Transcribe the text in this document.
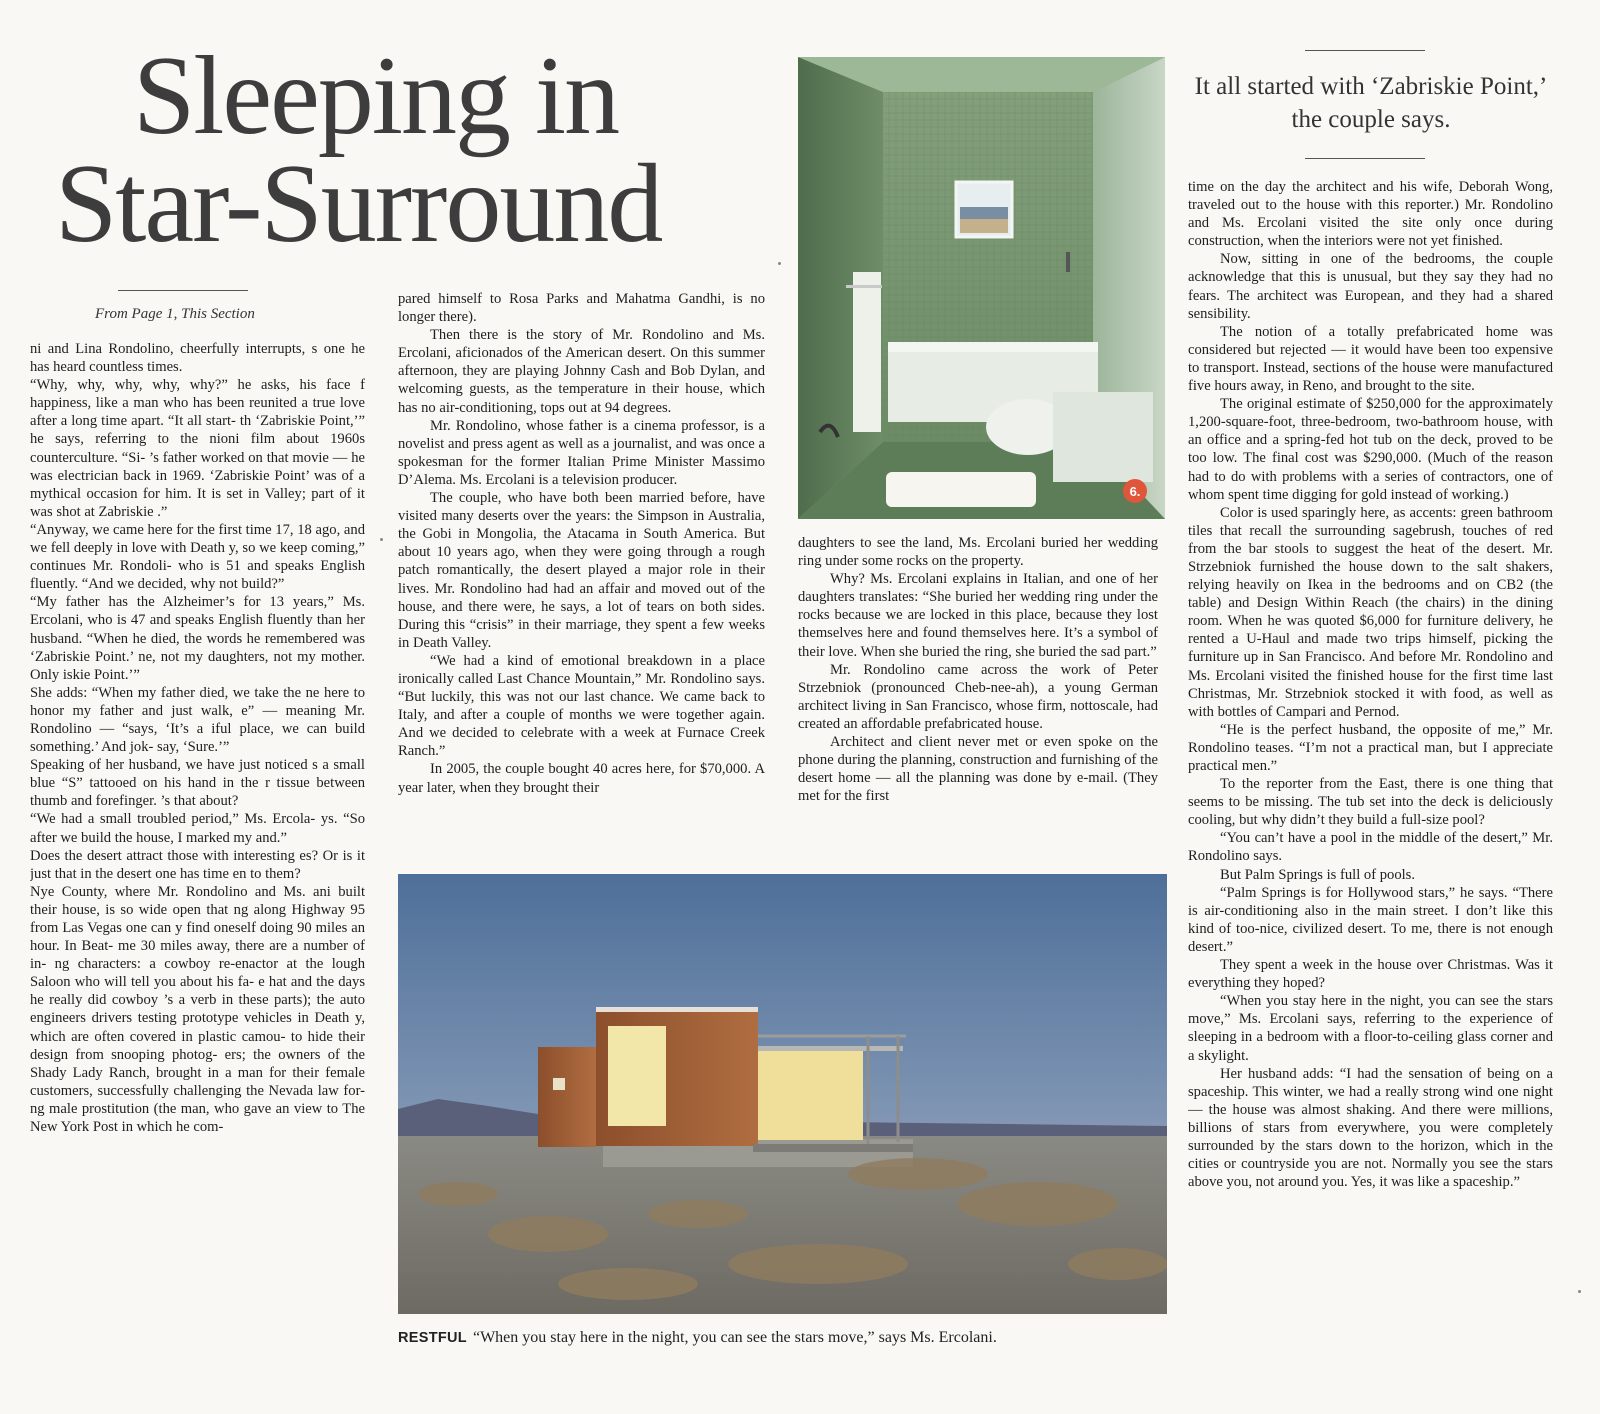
Sleeping in
Star-Surround
From Page 1, This Section

ni and Lina Rondolino, cheerfully interrupts, s one he has heard countless times.

“Why, why, why, why, why?” he asks, his face f happiness, like a man who has been reunited a true love after a long time apart. “It all start- th ‘Zabriskie Point,’” he says, referring to the nioni film about 1960s counterculture. “Si- ’s father worked on that movie — he was electrician back in 1969. ‘Zabriskie Point’ was of a mythical occasion for him. It is set in Valley; part of it was shot at Zabriskie .”

“Anyway, we came here for the first time 17, 18 ago, and we fell deeply in love with Death y, so we keep coming,” continues Mr. Rondoli- who is 51 and speaks English fluently. “And we decided, why not build?”

“My father has the Alzheimer’s for 13 years,” Ms. Ercolani, who is 47 and speaks English fluently than her husband. “When he died, the words he remembered was ‘Zabriskie Point.’ ne, not my daughters, not my mother. Only iskie Point.’”

She adds: “When my father died, we take the ne here to honor my father and just walk, e” — meaning Mr. Rondolino — “says, ‘It’s a iful place, we can build something.’ And jok- say, ‘Sure.’”

Speaking of her husband, we have just noticed s a small blue “S” tattooed on his hand in the r tissue between thumb and forefinger. ’s that about?

“We had a small troubled period,” Ms. Ercola- ys. “So after we build the house, I marked my and.”

Does the desert attract those with interesting es? Or is it just that in the desert one has time en to them?

Nye County, where Mr. Rondolino and Ms. ani built their house, is so wide open that ng along Highway 95 from Las Vegas one can y find oneself doing 90 miles an hour. In Beat- me 30 miles away, there are a number of in- ng characters: a cowboy re-enactor at the lough Saloon who will tell you about his fa- e hat and the days he really did cowboy ’s a verb in these parts); the auto engineers drivers testing prototype vehicles in Death y, which are often covered in plastic camou- to hide their design from snooping photog- ers; the owners of the Shady Lady Ranch, brought in a man for their female customers, successfully challenging the Nevada law for- ng male prostitution (the man, who gave an view to The New York Post in which he com-

pared himself to Rosa Parks and Mahatma Gandhi, is no longer there).

Then there is the story of Mr. Rondolino and Ms. Ercolani, aficionados of the American desert. On this summer afternoon, they are playing Johnny Cash and Bob Dylan, and welcoming guests, as the temperature in their house, which has no air-conditioning, tops out at 94 degrees.

Mr. Rondolino, whose father is a cinema professor, is a novelist and press agent as well as a journalist, and was once a spokesman for the former Italian Prime Minister Massimo D’Alema. Ms. Ercolani is a television producer.

The couple, who have both been married before, have visited many deserts over the years: the Simpson in Australia, the Gobi in Mongolia, the Atacama in South America. But about 10 years ago, when they were going through a rough patch romantically, the desert played a major role in their lives. Mr. Rondolino had had an affair and moved out of the house, and there were, he says, a lot of tears on both sides. During this “crisis” in their marriage, they spent a few weeks in Death Valley.

“We had a kind of emotional breakdown in a place ironically called Last Chance Mountain,” Mr. Rondolino says. “But luckily, this was not our last chance. We came back to Italy, and after a couple of months we were together again. And we decided to celebrate with a week at Furnace Creek Ranch.”

In 2005, the couple bought 40 acres here, for $70,000. A year later, when they brought their

daughters to see the land, Ms. Ercolani buried her wedding ring under some rocks on the property.

Why? Ms. Ercolani explains in Italian, and one of her daughters translates: “She buried her wedding ring under the rocks because we are locked in this place, because they lost themselves here and found themselves here. It’s a symbol of their love. When she buried the ring, she buried the sad part.”

Mr. Rondolino came across the work of Peter Strzebniok (pronounced Cheb-nee-ah), a young German architect living in San Francisco, whose firm, nottoscale, had created an affordable prefabricated house.

Architect and client never met or even spoke on the phone during the planning, construction and furnishing of the desert home — all the planning was done by e-mail. (They met for the first

time on the day the architect and his wife, Deborah Wong, traveled out to the house with this reporter.) Mr. Rondolino and Ms. Ercolani visited the site only once during construction, when the interiors were not yet finished.

Now, sitting in one of the bedrooms, the couple acknowledge that this is unusual, but they say they had no fears. The architect was European, and they had a shared sensibility.

The notion of a totally prefabricated home was considered but rejected — it would have been too expensive to transport. Instead, sections of the house were manufactured five hours away, in Reno, and brought to the site.

The original estimate of $250,000 for the approximately 1,200-square-foot, three-bedroom, two-bathroom house, with an office and a spring-fed hot tub on the deck, proved to be too low. The final cost was $290,000. (Much of the reason had to do with problems with a series of contractors, one of whom spent time digging for gold instead of working.)

Color is used sparingly here, as accents: green bathroom tiles that recall the surrounding sagebrush, touches of red from the bar stools to suggest the heat of the desert. Mr. Strzebniok furnished the house down to the salt shakers, relying heavily on Ikea in the bedrooms and on CB2 (the table) and Design Within Reach (the chairs) in the dining room. When he was quoted $6,000 for furniture delivery, he rented a U-Haul and made two trips himself, picking the furniture up in San Francisco. And before Mr. Rondolino and Ms. Ercolani visited the finished house for the first time last Christmas, Mr. Strzebniok stocked it with food, as well as with bottles of Campari and Pernod.

“He is the perfect husband, the opposite of me,” Mr. Rondolino teases. “I’m not a practical man, but I appreciate practical men.”

To the reporter from the East, there is one thing that seems to be missing. The tub set into the deck is deliciously cooling, but why didn’t they build a full-size pool?

“You can’t have a pool in the middle of the desert,” Mr. Rondolino says.

But Palm Springs is full of pools.

“Palm Springs is for Hollywood stars,” he says. “There is air-conditioning also in the main street. I don’t like this kind of too-nice, civilized desert. To me, there is not enough desert.”

They spent a week in the house over Christmas. Was it everything they hoped?

“When you stay here in the night, you can see the stars move,” Ms. Ercolani says, referring to the experience of sleeping in a bedroom with a floor-to-ceiling glass corner and a skylight.

Her husband adds: “I had the sensation of being on a spaceship. This winter, we had a really strong wind one night — the house was almost shaking. And there were millions, billions of stars from everywhere, you were completely surrounded by the stars down to the horizon, which in the cities or countryside you are not. Normally you see the stars above you, not around you. Yes, it was like a spaceship.”

It all started with ‘Zabriskie Point,’ the couple says.
6.
RESTFUL “When you stay here in the night, you can see the stars move,” says Ms. Ercolani.
